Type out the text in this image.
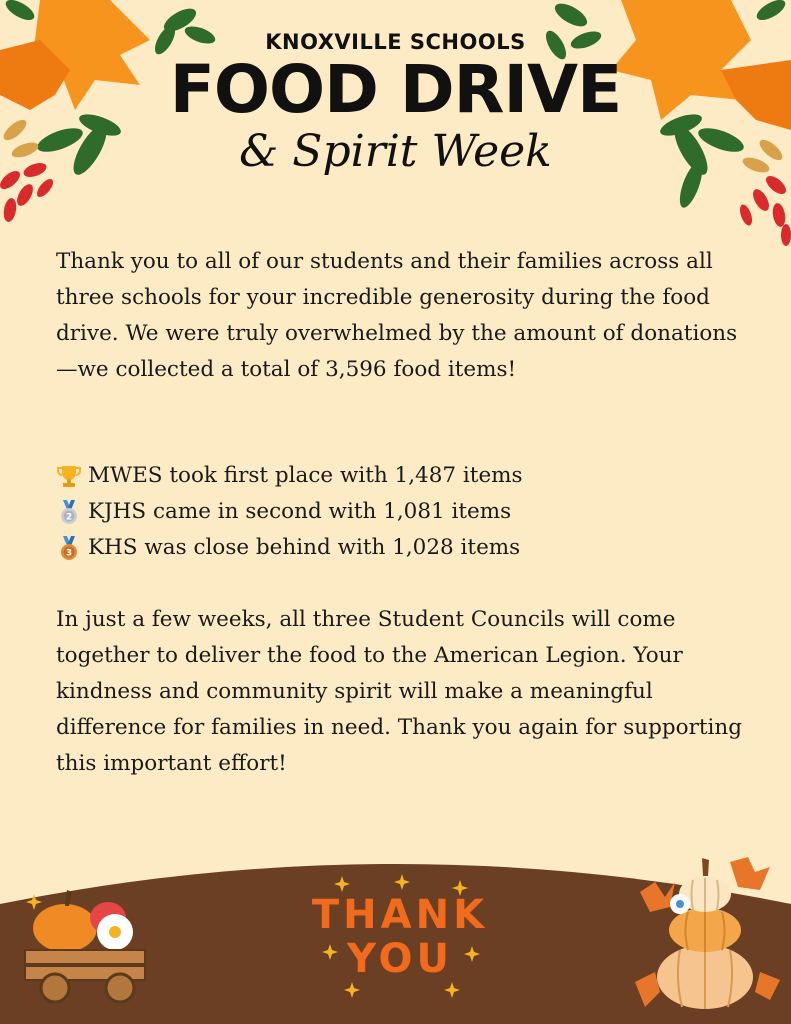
KNOXVILLE SCHOOLS
FOOD DRIVE
& Spirit Week

Thank you to all of our students and their families across all three schools for your incredible generosity during the food drive. We were truly overwhelmed by the amount of donations—we collected a total of 3,596 food items!

MWES took first place with 1,487 items
2 KJHS came in second with 1,081 items
3 KHS was close behind with 1,028 items

In just a few weeks, all three Student Councils will come together to deliver the food to the American Legion. Your kindness and community spirit will make a meaningful difference for families in need. Thank you again for supporting this important effort!

THANK
YOU
